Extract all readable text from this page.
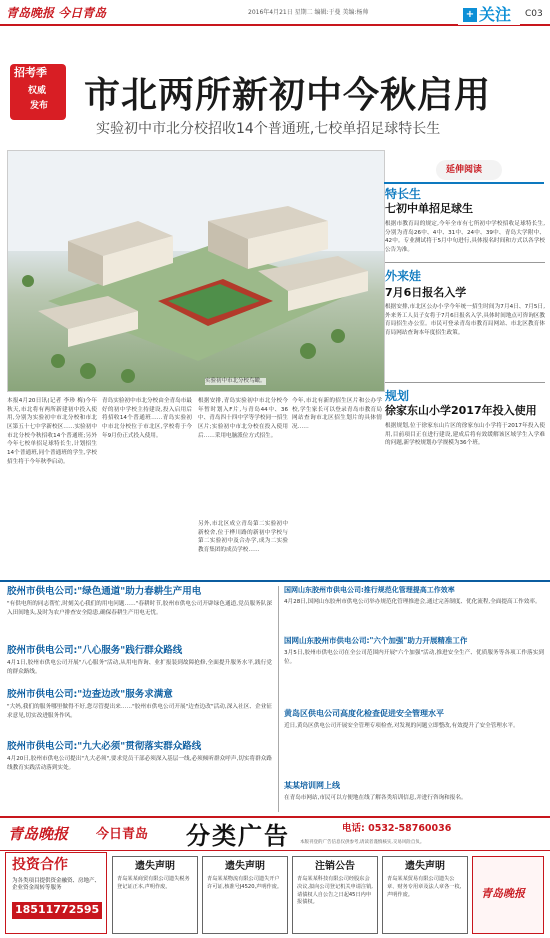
青岛晚报 今日青岛	2016年4月21日 星期二 编辑:于曼 美编:杨帅	+ 关注 C03
招考季
权威
发布 市北两所新初中今秋启用
实验初中市北分校招收14个普通班,七校单招足球特长生
实验初中市北分校鸟瞰。
本报4月20日讯(记者 李珍 梅)今年秋天,市北将有两所新建初中投入使用,分别为实验初中市北分校和市北区第五十七中学新校区……实验初中市北分校今秋招收14个普通班;另外今年七校单招足球特长生,计划招生14个普通班,同个普通班的学生,学校招生将于今年秋季启动。
青岛实验初中市北分校由全青岛市最好的初中学校主持建设,投入启用后将招收14个普通班……青岛实验初中市北分校位于市北区,学校将于今年9月份正式投入使用。
根据安排,青岛实验初中市北分校今年暂时划入F片,与青岛44中、36中、青岛四十四中学等学校同一招生区片;实验初中市北分校在投入使用后……采用电脑派位方式招生。
另外,市北区成立青岛第二实验初中新校舍,位于桦川路的新初中学校与第二实验初中及合办学,成为二实验教育集团的成员学校……
今年,市北有新的招生区片和公办学校,学生家长可以登录青岛市教育局网站查询市北区招生划片的具体情况……
延伸阅读
特长生
七初中单招足球生
根据市教育局的规定,今年全市有七所初中学校招收足球特长生,分别为青岛26中、4中、31中、24中、39中、青岛大学附中、42中。专业测试将于5月中旬进行,具体报名时间和方式以各学校公告为准。
外来娃
7月6日报名入学
根据安排,市北区公办小学今年统一招生时间为7月4日、7月5日,外来务工人员子女将于7月6日报名入学,具体时间地点可咨询区教育局招生办公室。市民可登录青岛市教育局网站、市北区教育体育局网站查询本年度招生政策。
规划
徐家东山小学2017年投入使用
根据规划,位于徐家东山片区的徐家东山小学将于2017年投入使用,目前项目正在进行建设,建成后将有效缓解该区域学生入学难的问题,新学校规划办学规模为36个班。
胶州市供电公司:"绿色通道"助力春耕生产用电
"有供电所的同志帮忙,时刻关心我们的用电问题……"春耕时节,胶州市供电公司开辟绿色通道,党员服务队深入田间地头,及时为农户排查安全隐患,确保春耕生产用电无忧。
胶州市供电公司:"八心服务"践行群众路线
4月1日,胶州市供电公司开展"八心服务"活动,从用电咨询、业扩报装到故障抢修,全面提升服务水平,践行党的群众路线。
胶州市供电公司:"边查边改"服务求满意
"大妈,我们的服务哪里做得不好,您尽管提出来……"胶州市供电公司开展"边查边改"活动,深入社区、企业征求意见,切实改进服务作风。
胶州市供电公司:"九大必须"贯彻落实群众路线
4月20日,胶州市供电公司提出"九大必须",要求党员干部必须深入基层一线,必须倾听群众呼声,切实将群众路线教育实践活动落到实处。
国网山东胶州市供电公司:推行规范化管理提高工作效率
4月28日,国网山东胶州市供电公司举办规范化管理推进会,通过完善制度、优化流程,全面提高工作效率。
国网山东胶州市供电公司:"六个加强"助力开展精准工作
3月5日,胶州市供电公司在全公司范围内开展"六个加强"活动,推进安全生产、优质服务等各项工作落实到位。
黄岛区供电公司高度化检查促进安全管理水平
近日,黄岛区供电公司开展安全管理专项检查,对发现的问题立即整改,有效提升了安全管理水平。
某某培训网上线
在青岛市网站,市民可以方便地在线了解各类培训信息,并进行咨询和报名。
青岛晚报 今日青岛 分类广告	电话: 0532-58760036
本版刊登的广告信息仅供参考,请读者谨慎核实,交易风险自负。
投资合作
为各类项目提供资金融资、房地产、企业资金周转等服务
18511772595
遗失声明
青岛某某商贸有限公司遗失税务登记证正本,声明作废。
遗失声明
青岛某某物流有限公司遗失开户许可证,核准号J4520,声明作废。
注销公告
青岛某某科技有限公司经股东会决议,拟向公司登记机关申请注销,请债权人自公告之日起45日内申报债权。
遗失声明
青岛某某贸易有限公司遗失公章、财务专用章及法人章各一枚,声明作废。	青岛晚报
